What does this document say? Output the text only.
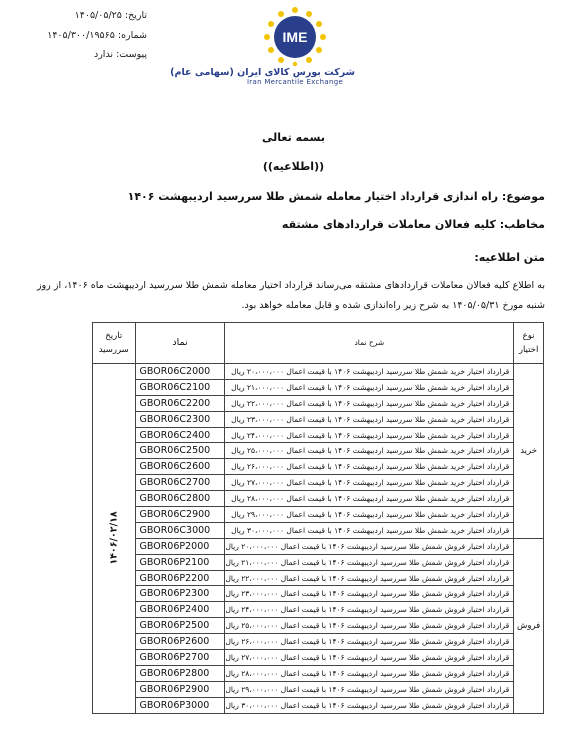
تاریخ: ۱۴۰۵/۰۵/۲۵
شماره: ۱۴۰۵/۳۰۰/۱۹۵۶۵
پیوست: ندارد
IME
شرکت بورس کالای ایران (سهامی عام)
Iran Mercantile Exchange
بسمه تعالی
((اطلاعیه))
موضوع: راه اندازی قرارداد اختیار معامله شمش طلا سررسید اردیبهشت ۱۴۰۶
مخاطب: کلیه فعالان معاملات قراردادهای مشتقه
متن اطلاعیه:
به اطلاع کلیه فعالان معاملات قراردادهای مشتقه می‌رساند قرارداد اختیار معامله شمش طلا سررسید اردیبهشت ماه ۱۴۰۶، از روز شنبه مورخ ۱۴۰۵/۰۵/۳۱ به شرح زیر راه‌اندازی شده و قابل معامله خواهد بود.
نوع اختیار	شرح نماد	نماد	تاریخ سررسید
خرید	قرارداد اختیار خرید شمش طلا سررسید اردیبهشت ۱۴۰۶ با قیمت اعمال ۲۰،۰۰۰،۰۰۰ ریال	GBOR06C2000	۱۴۰۶/۰۲/۱۸

	قرارداد اختیار خرید شمش طلا سررسید اردیبهشت ۱۴۰۶ با قیمت اعمال ۲۱،۰۰۰،۰۰۰ ریال	GBOR06C2100	
	قرارداد اختیار خرید شمش طلا سررسید اردیبهشت ۱۴۰۶ با قیمت اعمال ۲۲،۰۰۰،۰۰۰ ریال	GBOR06C2200	
	قرارداد اختیار خرید شمش طلا سررسید اردیبهشت ۱۴۰۶ با قیمت اعمال ۲۳،۰۰۰،۰۰۰ ریال	GBOR06C2300	
	قرارداد اختیار خرید شمش طلا سررسید اردیبهشت ۱۴۰۶ با قیمت اعمال ۲۴،۰۰۰،۰۰۰ ریال	GBOR06C2400	
	قرارداد اختیار خرید شمش طلا سررسید اردیبهشت ۱۴۰۶ با قیمت اعمال ۲۵،۰۰۰،۰۰۰ ریال	GBOR06C2500	
	قرارداد اختیار خرید شمش طلا سررسید اردیبهشت ۱۴۰۶ با قیمت اعمال ۲۶،۰۰۰،۰۰۰ ریال	GBOR06C2600	
	قرارداد اختیار خرید شمش طلا سررسید اردیبهشت ۱۴۰۶ با قیمت اعمال ۲۷،۰۰۰،۰۰۰ ریال	GBOR06C2700	
	قرارداد اختیار خرید شمش طلا سررسید اردیبهشت ۱۴۰۶ با قیمت اعمال ۲۸،۰۰۰،۰۰۰ ریال	GBOR06C2800	
	قرارداد اختیار خرید شمش طلا سررسید اردیبهشت ۱۴۰۶ با قیمت اعمال ۲۹،۰۰۰،۰۰۰ ریال	GBOR06C2900	
	قرارداد اختیار خرید شمش طلا سررسید اردیبهشت ۱۴۰۶ با قیمت اعمال ۳۰،۰۰۰،۰۰۰ ریال	GBOR06C3000	
فروش	قرارداد اختیار فروش شمش طلا سررسید اردیبهشت ۱۴۰۶ با قیمت اعمال ۲۰،۰۰۰،۰۰۰ ریال	GBOR06P2000	
	قرارداد اختیار فروش شمش طلا سررسید اردیبهشت ۱۴۰۶ با قیمت اعمال ۲۱،۰۰۰،۰۰۰ ریال	GBOR06P2100	
	قرارداد اختیار فروش شمش طلا سررسید اردیبهشت ۱۴۰۶ با قیمت اعمال ۲۲،۰۰۰،۰۰۰ ریال	GBOR06P2200	
	قرارداد اختیار فروش شمش طلا سررسید اردیبهشت ۱۴۰۶ با قیمت اعمال ۲۳،۰۰۰،۰۰۰ ریال	GBOR06P2300	
	قرارداد اختیار فروش شمش طلا سررسید اردیبهشت ۱۴۰۶ با قیمت اعمال ۲۴،۰۰۰،۰۰۰ ریال	GBOR06P2400	
	قرارداد اختیار فروش شمش طلا سررسید اردیبهشت ۱۴۰۶ با قیمت اعمال ۲۵،۰۰۰،۰۰۰ ریال	GBOR06P2500	
	قرارداد اختیار فروش شمش طلا سررسید اردیبهشت ۱۴۰۶ با قیمت اعمال ۲۶،۰۰۰،۰۰۰ ریال	GBOR06P2600	
	قرارداد اختیار فروش شمش طلا سررسید اردیبهشت ۱۴۰۶ با قیمت اعمال ۲۷،۰۰۰،۰۰۰ ریال	GBOR06P2700	
	قرارداد اختیار فروش شمش طلا سررسید اردیبهشت ۱۴۰۶ با قیمت اعمال ۲۸،۰۰۰،۰۰۰ ریال	GBOR06P2800	
	قرارداد اختیار فروش شمش طلا سررسید اردیبهشت ۱۴۰۶ با قیمت اعمال ۲۹،۰۰۰،۰۰۰ ریال	GBOR06P2900	
	قرارداد اختیار فروش شمش طلا سررسید اردیبهشت ۱۴۰۶ با قیمت اعمال ۳۰،۰۰۰،۰۰۰ ریال	GBOR06P3000	
